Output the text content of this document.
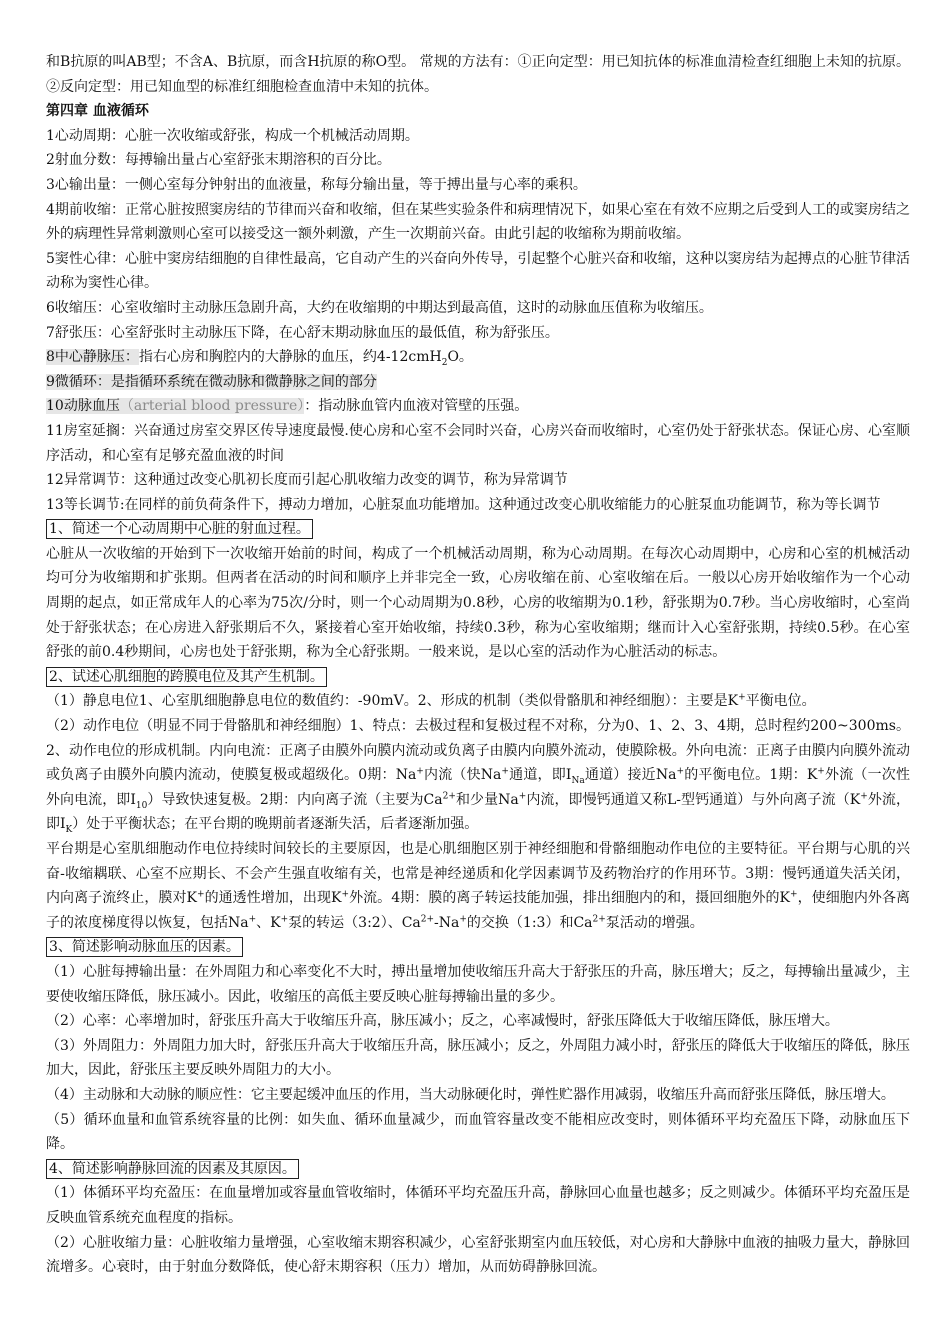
和B抗原的叫AB型；不含A、B抗原，而含H抗原的称O型。 常规的方法有：①正向定型：用已知抗体的标准血清检查红细胞上未知的抗原。②反向定型：用已知血型的标准红细胞检查血清中未知的抗体。

第四章 血液循环

1心动周期：心脏一次收缩或舒张，构成一个机械活动周期。

2射血分数：每搏输出量占心室舒张末期溶积的百分比。

3心输出量：一侧心室每分钟射出的血液量，称每分输出量，等于搏出量与心率的乘积。

4期前收缩：正常心脏按照窦房结的节律而兴奋和收缩，但在某些实验条件和病理情况下，如果心室在有效不应期之后受到人工的或窦房结之外的病理性异常刺激则心室可以接受这一额外刺激，产生一次期前兴奋。由此引起的收缩称为期前收缩。

5窦性心律：心脏中窦房结细胞的自律性最高，它自动产生的兴奋向外传导，引起整个心脏兴奋和收缩，这种以窦房结为起搏点的心脏节律活动称为窦性心律。

6收缩压：心室收缩时主动脉压急剧升高，大约在收缩期的中期达到最高值，这时的动脉血压值称为收缩压。

7舒张压：心室舒张时主动脉压下降，在心舒末期动脉血压的最低值，称为舒张压。

8中心静脉压：指右心房和胸腔内的大静脉的血压，约4-12cmH$_2$O。

9微循环：是指循环系统在微动脉和微静脉之间的部分

10动脉血压（arterial blood pressure）：指动脉血管内血液对管壁的压强。

11房室延搁：兴奋通过房室交界区传导速度最慢.使心房和心室不会同时兴奋，心房兴奋而收缩时，心室仍处于舒张状态。保证心房、心室顺序活动，和心室有足够充盈血液的时间

12异常调节：这种通过改变心肌初长度而引起心肌收缩力改变的调节，称为异常调节

13等长调节:在同样的前负荷条件下，搏动力增加，心脏泵血功能增加。这种通过改变心肌收缩能力的心脏泵血功能调节，称为等长调节

1、简述一个心动周期中心脏的射血过程。

心脏从一次收缩的开始到下一次收缩开始前的时间，构成了一个机械活动周期，称为心动周期。在每次心动周期中，心房和心室的机械活动均可分为收缩期和扩张期。但两者在活动的时间和顺序上并非完全一致，心房收缩在前、心室收缩在后。一般以心房开始收缩作为一个心动周期的起点，如正常成年人的心率为75次/分时，则一个心动周期为0.8秒，心房的收缩期为0.1秒，舒张期为0.7秒。当心房收缩时，心室尚处于舒张状态；在心房进入舒张期后不久，紧接着心室开始收缩，持续0.3秒，称为心室收缩期；继而计入心室舒张期，持续0.5秒。在心室舒张的前0.4秒期间，心房也处于舒张期，称为全心舒张期。一般来说，是以心室的活动作为心脏活动的标志。

2、试述心肌细胞的跨膜电位及其产生机制。

（1）静息电位1、心室肌细胞静息电位的数值约：-90mV。2、形成的机制（类似骨骼肌和神经细胞）：主要是K+平衡电位。

（2）动作电位（明显不同于骨骼肌和神经细胞）1、特点：去极过程和复极过程不对称，分为0、1、2、3、4期，总时程约200~300ms。2、动作电位的形成机制。内向电流：正离子由膜外向膜内流动或负离子由膜内向膜外流动，使膜除极。外向电流：正离子由膜内向膜外流动或负离子由膜外向膜内流动，使膜复极或超级化。0期：Na+内流（快Na+通道，即$I_{Na}$通道）接近Na+的平衡电位。1期：K+外流（一次性外向电流，即$I_{10}$）导致快速复极。2期：内向离子流（主要为$Ca^{2+}$和少量Na+内流，即慢钙通道又称L-型钙通道）与外向离子流（K+外流，即$I_K$）处于平衡状态；在平台期的晚期前者逐渐失活，后者逐渐加强。

平台期是心室肌细胞动作电位持续时间较长的主要原因，也是心肌细胞区别于神经细胞和骨骼细胞动作电位的主要特征。平台期与心肌的兴奋-收缩耦联、心室不应期长、不会产生强直收缩有关，也常是神经递质和化学因素调节及药物治疗的作用环节。3期：慢钙通道失活关闭，内向离子流终止，膜对K+的通透性增加，出现K+外流。4期：膜的离子转运技能加强，排出细胞内的和，摄回细胞外的K+，使细胞内外各离子的浓度梯度得以恢复，包括Na+、K+泵的转运（3:2）、$Ca^{2+}-Na^+$的交换（1:3）和$Ca^{2+}$泵活动的增强。

3、简述影响动脉血压的因素。

（1）心脏每搏输出量：在外周阻力和心率变化不大时，搏出量增加使收缩压升高大于舒张压的升高，脉压增大；反之，每搏输出量减少，主要使收缩压降低，脉压减小。因此，收缩压的高低主要反映心脏每搏输出量的多少。

（2）心率：心率增加时，舒张压升高大于收缩压升高，脉压减小；反之，心率减慢时，舒张压降低大于收缩压降低，脉压增大。

（3）外周阻力：外周阻力加大时，舒张压升高大于收缩压升高，脉压减小；反之，外周阻力减小时，舒张压的降低大于收缩压的降低，脉压加大，因此，舒张压主要反映外周阻力的大小。

（4）主动脉和大动脉的顺应性：它主要起缓冲血压的作用，当大动脉硬化时，弹性贮器作用减弱，收缩压升高而舒张压降低，脉压增大。

（5）循环血量和血管系统容量的比例：如失血、循环血量减少，而血管容量改变不能相应改变时，则体循环平均充盈压下降，动脉血压下降。

4、简述影响静脉回流的因素及其原因。

（1）体循环平均充盈压：在血量增加或容量血管收缩时，体循环平均充盈压升高，静脉回心血量也越多；反之则减少。体循环平均充盈压是反映血管系统充血程度的指标。

（2）心脏收缩力量：心脏收缩力量增强，心室收缩末期容积减少，心室舒张期室内血压较低，对心房和大静脉中血液的抽吸力量大，静脉回流增多。心衰时，由于射血分数降低，使心舒末期容积（压力）增加，从而妨碍静脉回流。
